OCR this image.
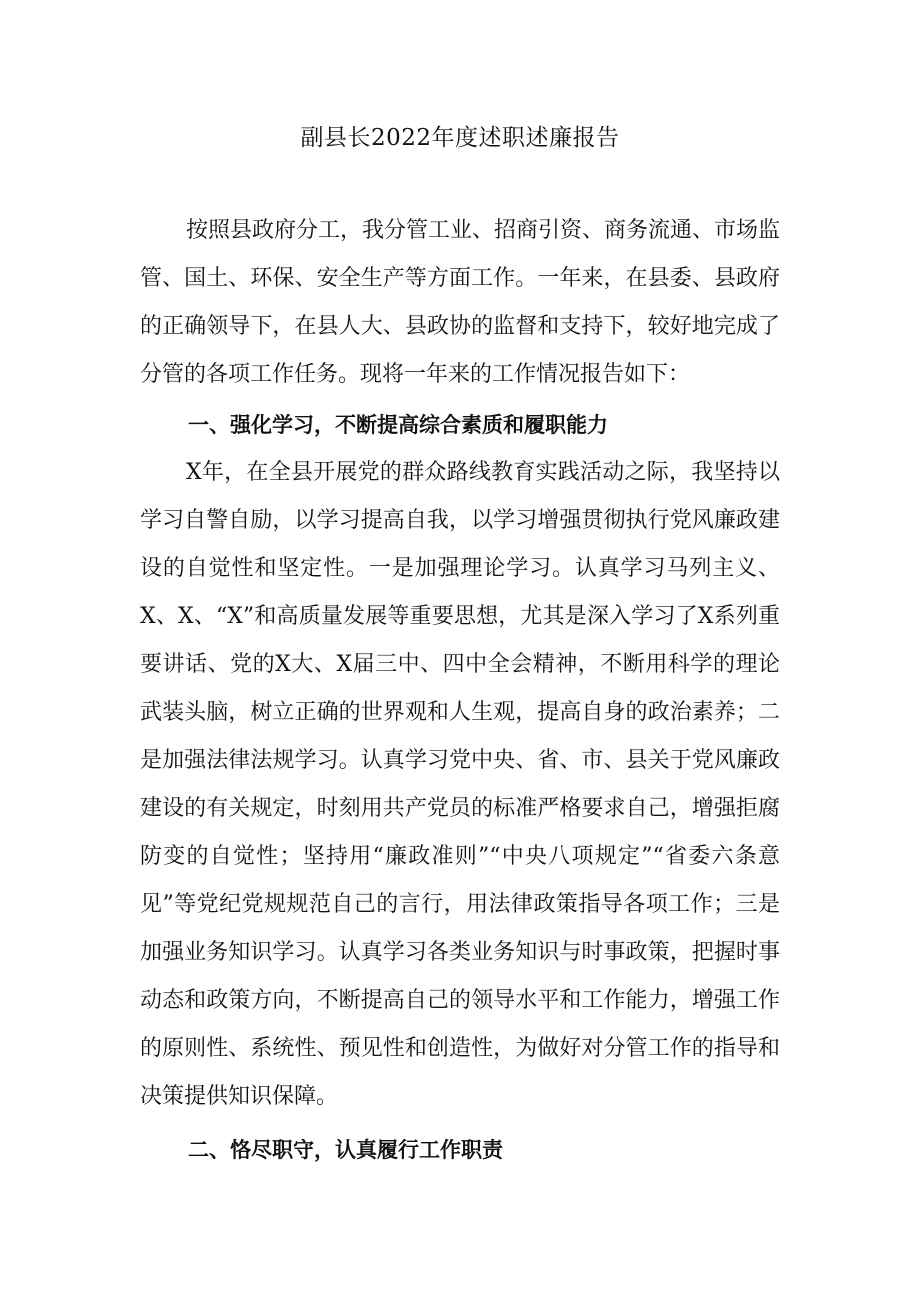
副县长2022年度述职述廉报告

按照县政府分工，我分管工业、招商引资、商务流通、市场监管、国土、环保、安全生产等方面工作。一年来，在县委、县政府的正确领导下，在县人大、县政协的监督和支持下，较好地完成了分管的各项工作任务。现将一年来的工作情况报告如下：

一、强化学习，不断提高综合素质和履职能力

X年，在全县开展党的群众路线教育实践活动之际，我坚持以学习自警自励，以学习提高自我，以学习增强贯彻执行党风廉政建设的自觉性和坚定性。一是加强理论学习。认真学习马列主义、X、X、“X”和高质量发展等重要思想，尤其是深入学习了X系列重要讲话、党的X大、X届三中、四中全会精神，不断用科学的理论武装头脑，树立正确的世界观和人生观，提高自身的政治素养；二是加强法律法规学习。认真学习党中央、省、市、县关于党风廉政建设的有关规定，时刻用共产党员的标准严格要求自己，增强拒腐防变的自觉性；坚持用“廉政准则”“中央八项规定”“省委六条意见”等党纪党规规范自己的言行，用法律政策指导各项工作；三是加强业务知识学习。认真学习各类业务知识与时事政策，把握时事动态和政策方向，不断提高自己的领导水平和工作能力，增强工作的原则性、系统性、预见性和创造性，为做好对分管工作的指导和决策提供知识保障。

二、恪尽职守，认真履行工作职责
